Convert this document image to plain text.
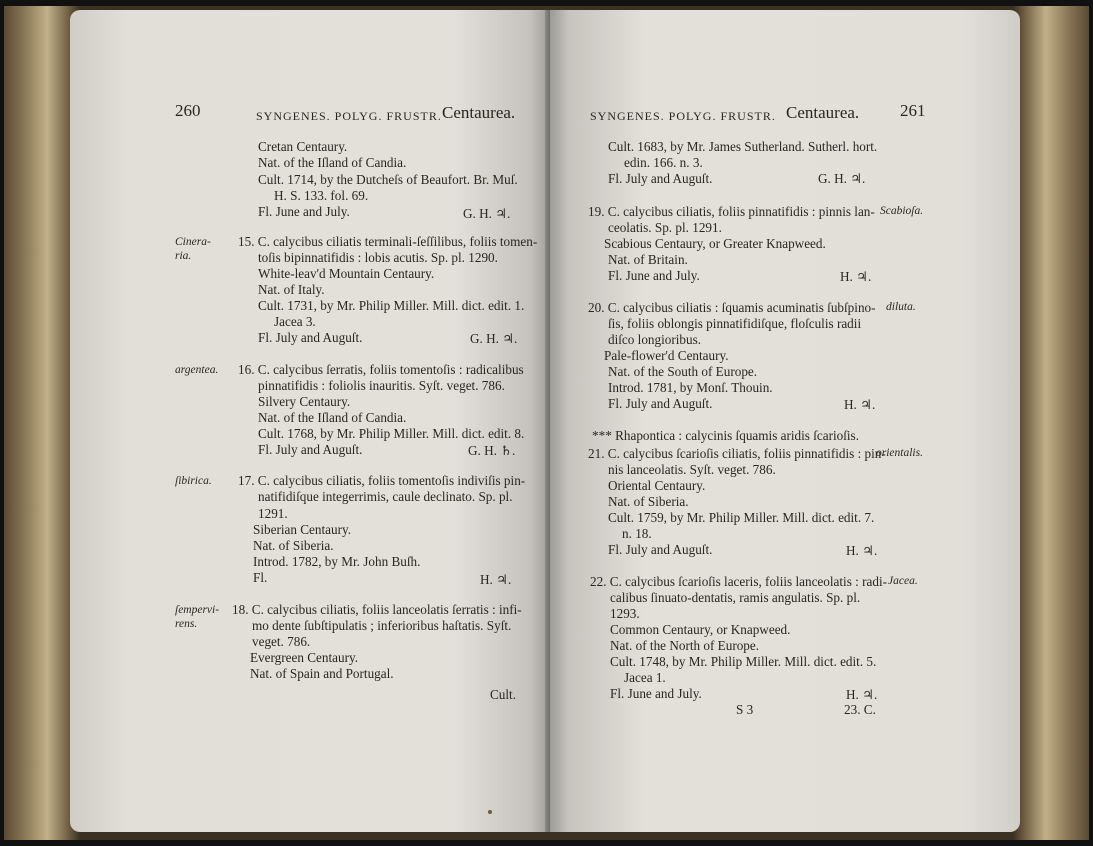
260	SYNGENES. POLYG. FRUSTR. Centaurea.
Cretan Centaury.
Nat. of the Iſland of Candia.
Cult. 1714, by the Dutcheſs of Beaufort. Br. Muſ.
H. S. 133. fol. 69.
Fl. June and July.	G. H. ♃.
Cinera-
ria.
15. C. calycibus ciliatis terminali-ſeſſilibus, foliis tomen-
toſis bipinnatifidis : lobis acutis. Sp. pl. 1290.
White-leav'd Mountain Centaury.
Nat. of Italy.
Cult. 1731, by Mr. Philip Miller. Mill. dict. edit. 1.
Jacea 3.
Fl. July and Auguſt.	G. H. ♃.
argentea. 16. C. calycibus ſerratis, foliis tomentoſis : radicalibus
pinnatifidis : foliolis inauritis. Syſt. veget. 786.
Silvery Centaury.
Nat. of the Iſland of Candia.
Cult. 1768, by Mr. Philip Miller. Mill. dict. edit. 8.
Fl. July and Auguſt.	G. H. ♄.
ſibirica. 17. C. calycibus ciliatis, foliis tomentoſis indiviſis pin-
natifidiſque integerrimis, caule declinato. Sp. pl.
1291.
Siberian Centaury.
Nat. of Siberia.
Introd. 1782, by Mr. John Buſh.
Fl.	H. ♃.
ſempervi-
rens.
18. C. calycibus ciliatis, foliis lanceolatis ſerratis : infi-
mo dente ſubſtipulatis ; inferioribus haſtatis. Syſt.
veget. 786.
Evergreen Centaury.
Nat. of Spain and Portugal.
Cult.
SYNGENES. POLYG. FRUSTR. Centaurea. 261
Cult. 1683, by Mr. James Sutherland. Sutherl. hort.
edin. 166. n. 3.
Fl. July and Auguſt.	G. H. ♃.
19. C. calycibus ciliatis, foliis pinnatifidis : pinnis lan- Scabioſa.
ceolatis. Sp. pl. 1291.
Scabious Centaury, or Greater Knapweed.
Nat. of Britain.
Fl. June and July.	H. ♃.
20. C. calycibus ciliatis : ſquamis acuminatis ſubſpino- diluta.
ſis, foliis oblongis pinnatifidiſque, floſculis radii
diſco longioribus.
Pale-flower'd Centaury.
Nat. of the South of Europe.
Introd. 1781, by Monſ. Thouin.
Fl. July and Auguſt.	H. ♃.
*** Rhapontica : calycinis ſquamis aridis ſcarioſis.
21. C. calycibus ſcarioſis ciliatis, foliis pinnatifidis : pin-
orientalis.
nis lanceolatis. Syſt. veget. 786.
Oriental Centaury.
Nat. of Siberia.
Cult. 1759, by Mr. Philip Miller. Mill. dict. edit. 7.
n. 18.
Fl. July and Auguſt.	H. ♃.
22. C. calycibus ſcarioſis laceris, foliis lanceolatis : radi- Jacea.
calibus ſinuato-dentatis, ramis angulatis. Sp. pl.
1293.
Common Centaury, or Knapweed.
Nat. of the North of Europe.
Cult. 1748, by Mr. Philip Miller. Mill. dict. edit. 5.
Jacea 1.
Fl. June and July.	H. ♃.
S 3	23. C.
